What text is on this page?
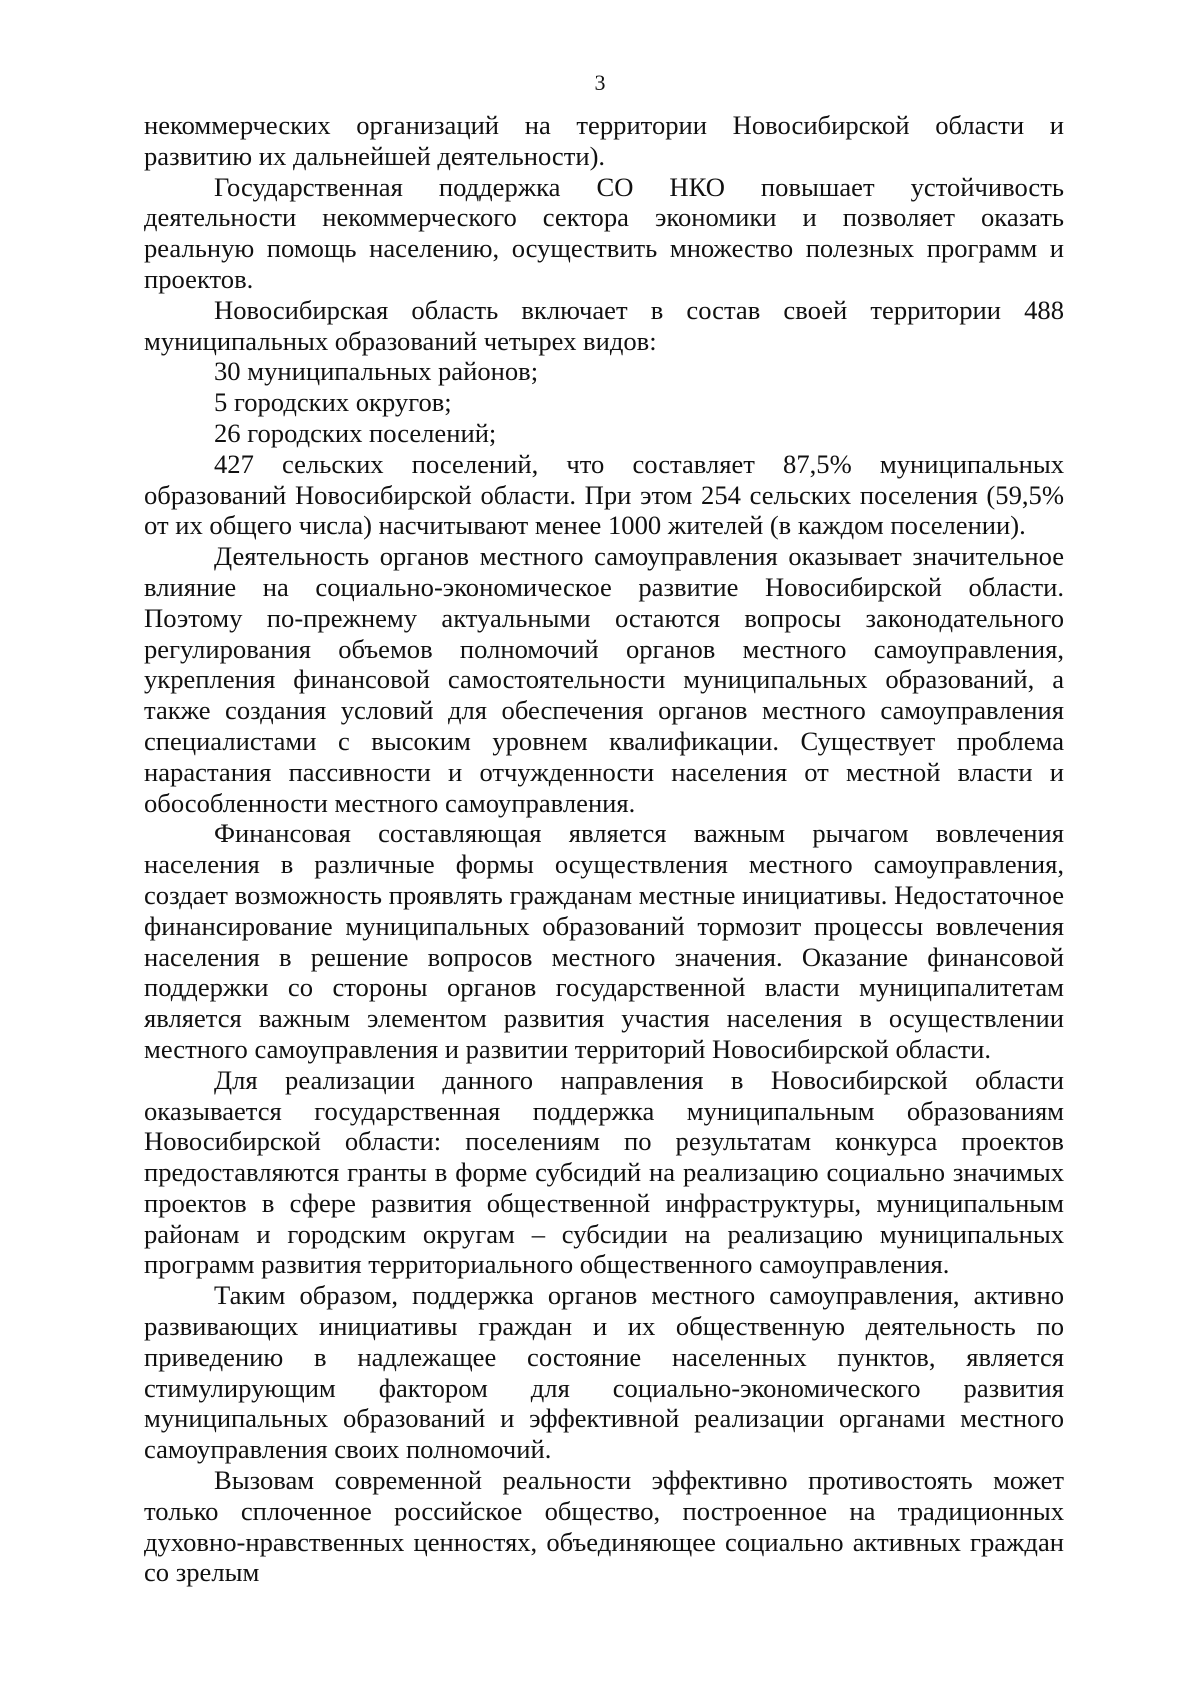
3

некоммерческих организаций на территории Новосибирской области и развитию их дальнейшей деятельности).

Государственная поддержка СО НКО повышает устойчивость деятельности некоммерческого сектора экономики и позволяет оказать реальную помощь населению, осуществить множество полезных программ и проектов.

Новосибирская область включает в состав своей территории 488 муниципальных образований четырех видов:

30 муниципальных районов;

5 городских округов;

26 городских поселений;

427 сельских поселений, что составляет 87,5% муниципальных образований Новосибирской области. При этом 254 сельских поселения (59,5% от их общего числа) насчитывают менее 1000 жителей (в каждом поселении).

Деятельность органов местного самоуправления оказывает значительное влияние на социально-экономическое развитие Новосибирской области. Поэтому по-прежнему актуальными остаются вопросы законодательного регулирования объемов полномочий органов местного самоуправления, укрепления финансовой самостоятельности муниципальных образований, а также создания условий для обеспечения органов местного самоуправления специалистами с высоким уровнем квалификации. Существует проблема нарастания пассивности и отчужденности населения от местной власти и обособленности местного самоуправления.

Финансовая составляющая является важным рычагом вовлечения населения в различные формы осуществления местного самоуправления, создает возможность проявлять гражданам местные инициативы. Недостаточное финансирование муниципальных образований тормозит процессы вовлечения населения в решение вопросов местного значения. Оказание финансовой поддержки со стороны органов государственной власти муниципалитетам является важным элементом развития участия населения в осуществлении местного самоуправления и развитии территорий Новосибирской области.

Для реализации данного направления в Новосибирской области оказывается государственная поддержка муниципальным образованиям Новосибирской области: поселениям по результатам конкурса проектов предоставляются гранты в форме субсидий на реализацию социально значимых проектов в сфере развития общественной инфраструктуры, муниципальным районам и городским округам – субсидии на реализацию муниципальных программ развития территориального общественного самоуправления.

Таким образом, поддержка органов местного самоуправления, активно развивающих инициативы граждан и их общественную деятельность по приведению в надлежащее состояние населенных пунктов, является стимулирующим фактором для социально-экономического развития муниципальных образований и эффективной реализации органами местного самоуправления своих полномочий.

Вызовам современной реальности эффективно противостоять может только сплоченное российское общество, построенное на традиционных духовно-нравственных ценностях, объединяющее социально активных граждан со зрелым
